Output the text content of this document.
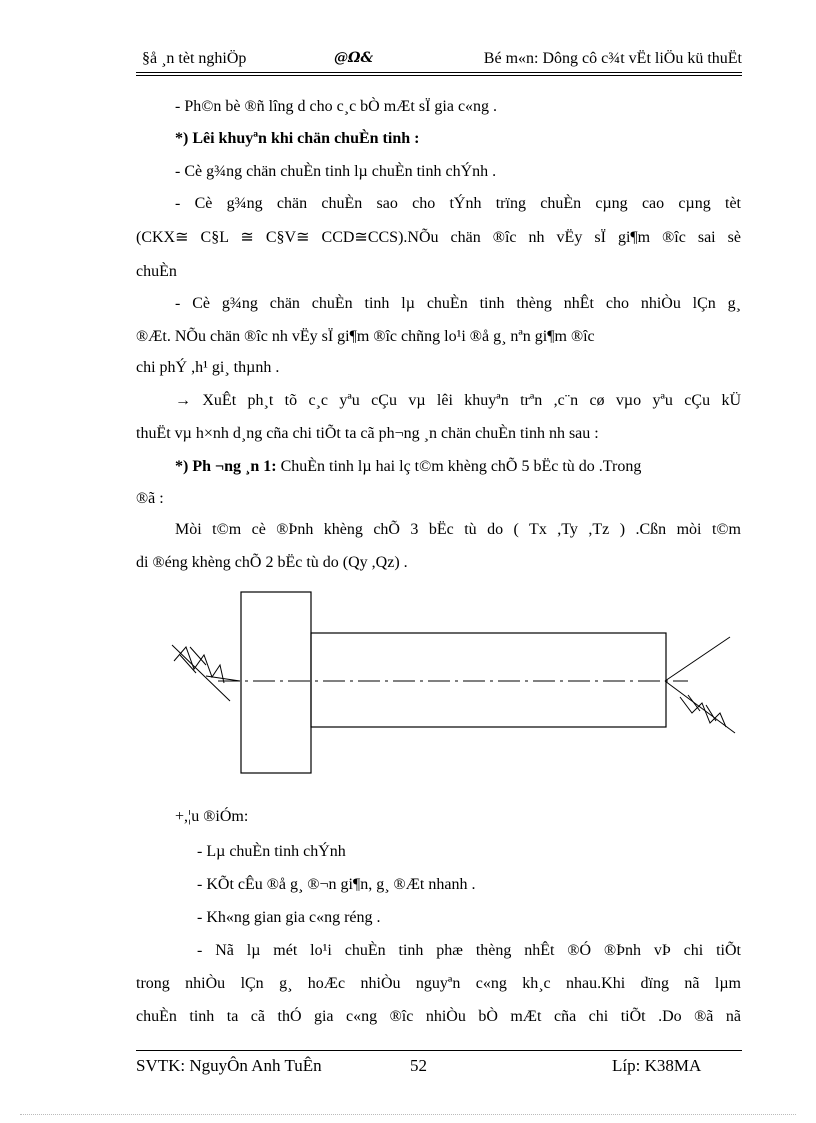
§å ¸n tèt nghiÖp	@Ω&	Bé m«n: Dông cô c¾t vËt liÖu kü thuËt
- Ph©n bè ®ñ lîng d cho c¸c bÒ mÆt sÏ gia c«ng .
*) Lêi khuyªn khi chän chuÈn tinh :
- Cè g¾ng chän chuÈn tinh lµ chuÈn tinh chÝnh .
- Cè g¾ng chän chuÈn sao cho tÝnh trïng chuÈn cµng cao cµng tèt
(CKX≅ C§L ≅ C§V≅ CCD≅CCS).NÕu chän ®îc nh vËy sÏ gi¶m ®îc sai sè
chuÈn
- Cè g¾ng chän chuÈn tinh lµ chuÈn tinh thèng nhÊt cho nhiÒu lÇn g¸
®Æt. NÕu chän ®îc nh vËy sÏ gi¶m ®îc chñng lo¹i ®å g¸ nªn gi¶m ®îc
chi phÝ ,h¹ gi¸ thµnh .
→ XuÊt ph¸t tõ c¸c yªu cÇu vµ lêi khuyªn trªn ,c¨n cø vµo yªu cÇu kÜ
thuËt vµ h×nh d¸ng cña chi tiÕt ta cã ph¬ng ¸n chän chuÈn tinh nh sau :
*) Ph ¬ng ¸n 1: ChuÈn tinh lµ hai lç t©m khèng chÕ 5 bËc tù do .Trong
®ã :
Mòi t©m cè ®Þnh khèng chÕ 3 bËc tù do ( Tx ,Ty ,Tz ) .Cßn mòi t©m
di ®éng khèng chÕ 2 bËc tù do (Qy ,Qz) .
+,¦u ®iÓm:
- Lµ chuÈn tinh chÝnh
- KÕt cÊu ®å g¸ ®¬n gi¶n, g¸ ®Æt nhanh .
- Kh«ng gian gia c«ng réng .
- Nã lµ mét lo¹i chuÈn tinh phæ thèng nhÊt ®Ó ®Þnh vÞ chi tiÕt
trong nhiÒu lÇn g¸ hoÆc nhiÒu nguyªn c«ng kh¸c nhau.Khi dïng nã lµm
chuÈn tinh ta cã thÓ gia c«ng ®îc nhiÒu bÒ mÆt cña chi tiÕt .Do ®ã nã
SVTK: NguyÔn Anh TuÊn	52	Líp: K38MA
